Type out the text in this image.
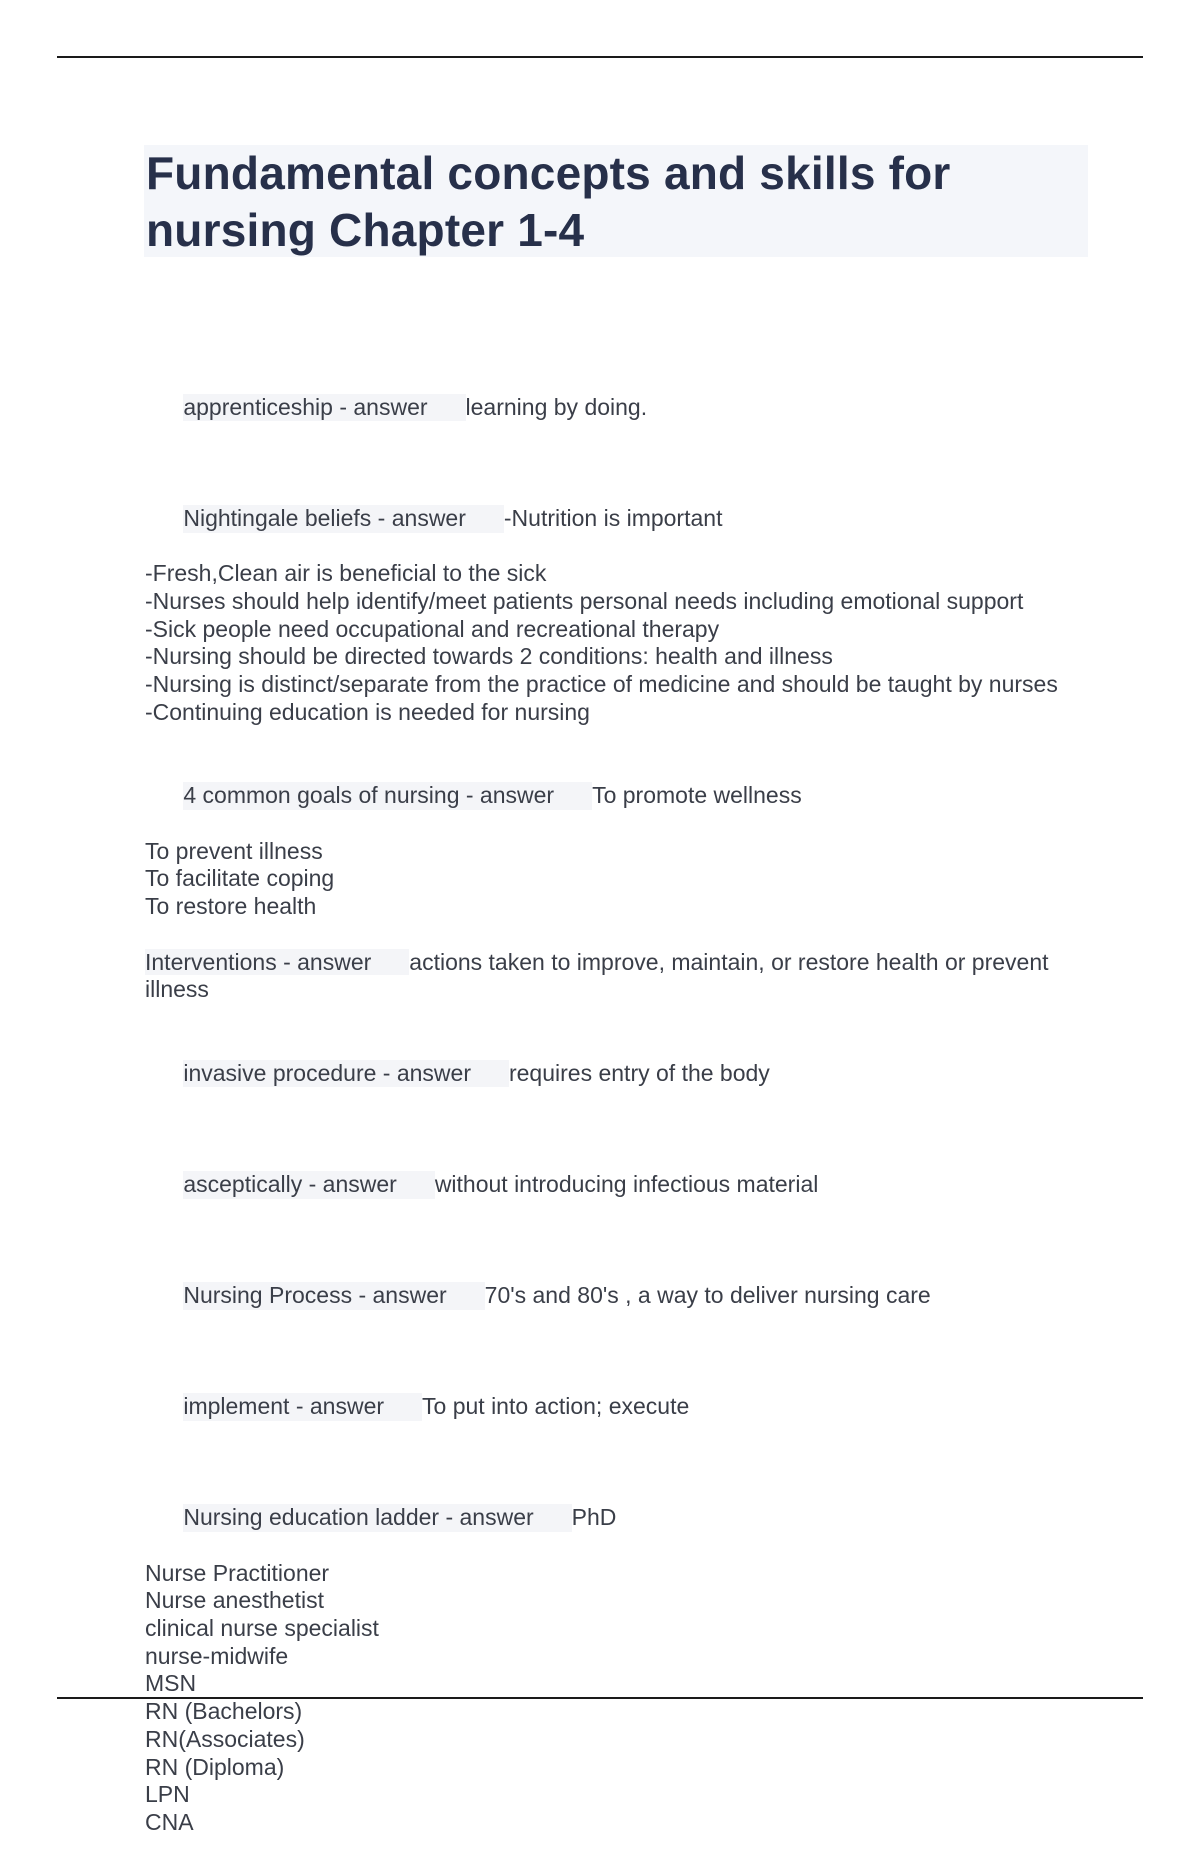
Fundamental concepts and skills for nursing Chapter 1-4

apprenticeship - answer learning by doing.

Nightingale beliefs - answer -Nutrition is important

-Fresh,Clean air is beneficial to the sick
-Nurses should help identify/meet patients personal needs including emotional support
-Sick people need occupational and recreational therapy
-Nursing should be directed towards 2 conditions: health and illness
-Nursing is distinct/separate from the practice of medicine and should be taught by nurses
-Continuing education is needed for nursing

4 common goals of nursing - answer To promote wellness

To prevent illness
To facilitate coping
To restore health
Interventions - answer actions taken to improve, maintain, or restore health or prevent illness

invasive procedure - answer requires entry of the body

asceptically - answer without introducing infectious material

Nursing Process - answer 70's and 80's , a way to deliver nursing care

implement - answer To put into action; execute

Nursing education ladder - answer PhD

Nurse Practitioner
Nurse anesthetist
clinical nurse specialist
nurse-midwife
MSN
RN (Bachelors)
RN(Associates)
RN (Diploma)
LPN
CNA
